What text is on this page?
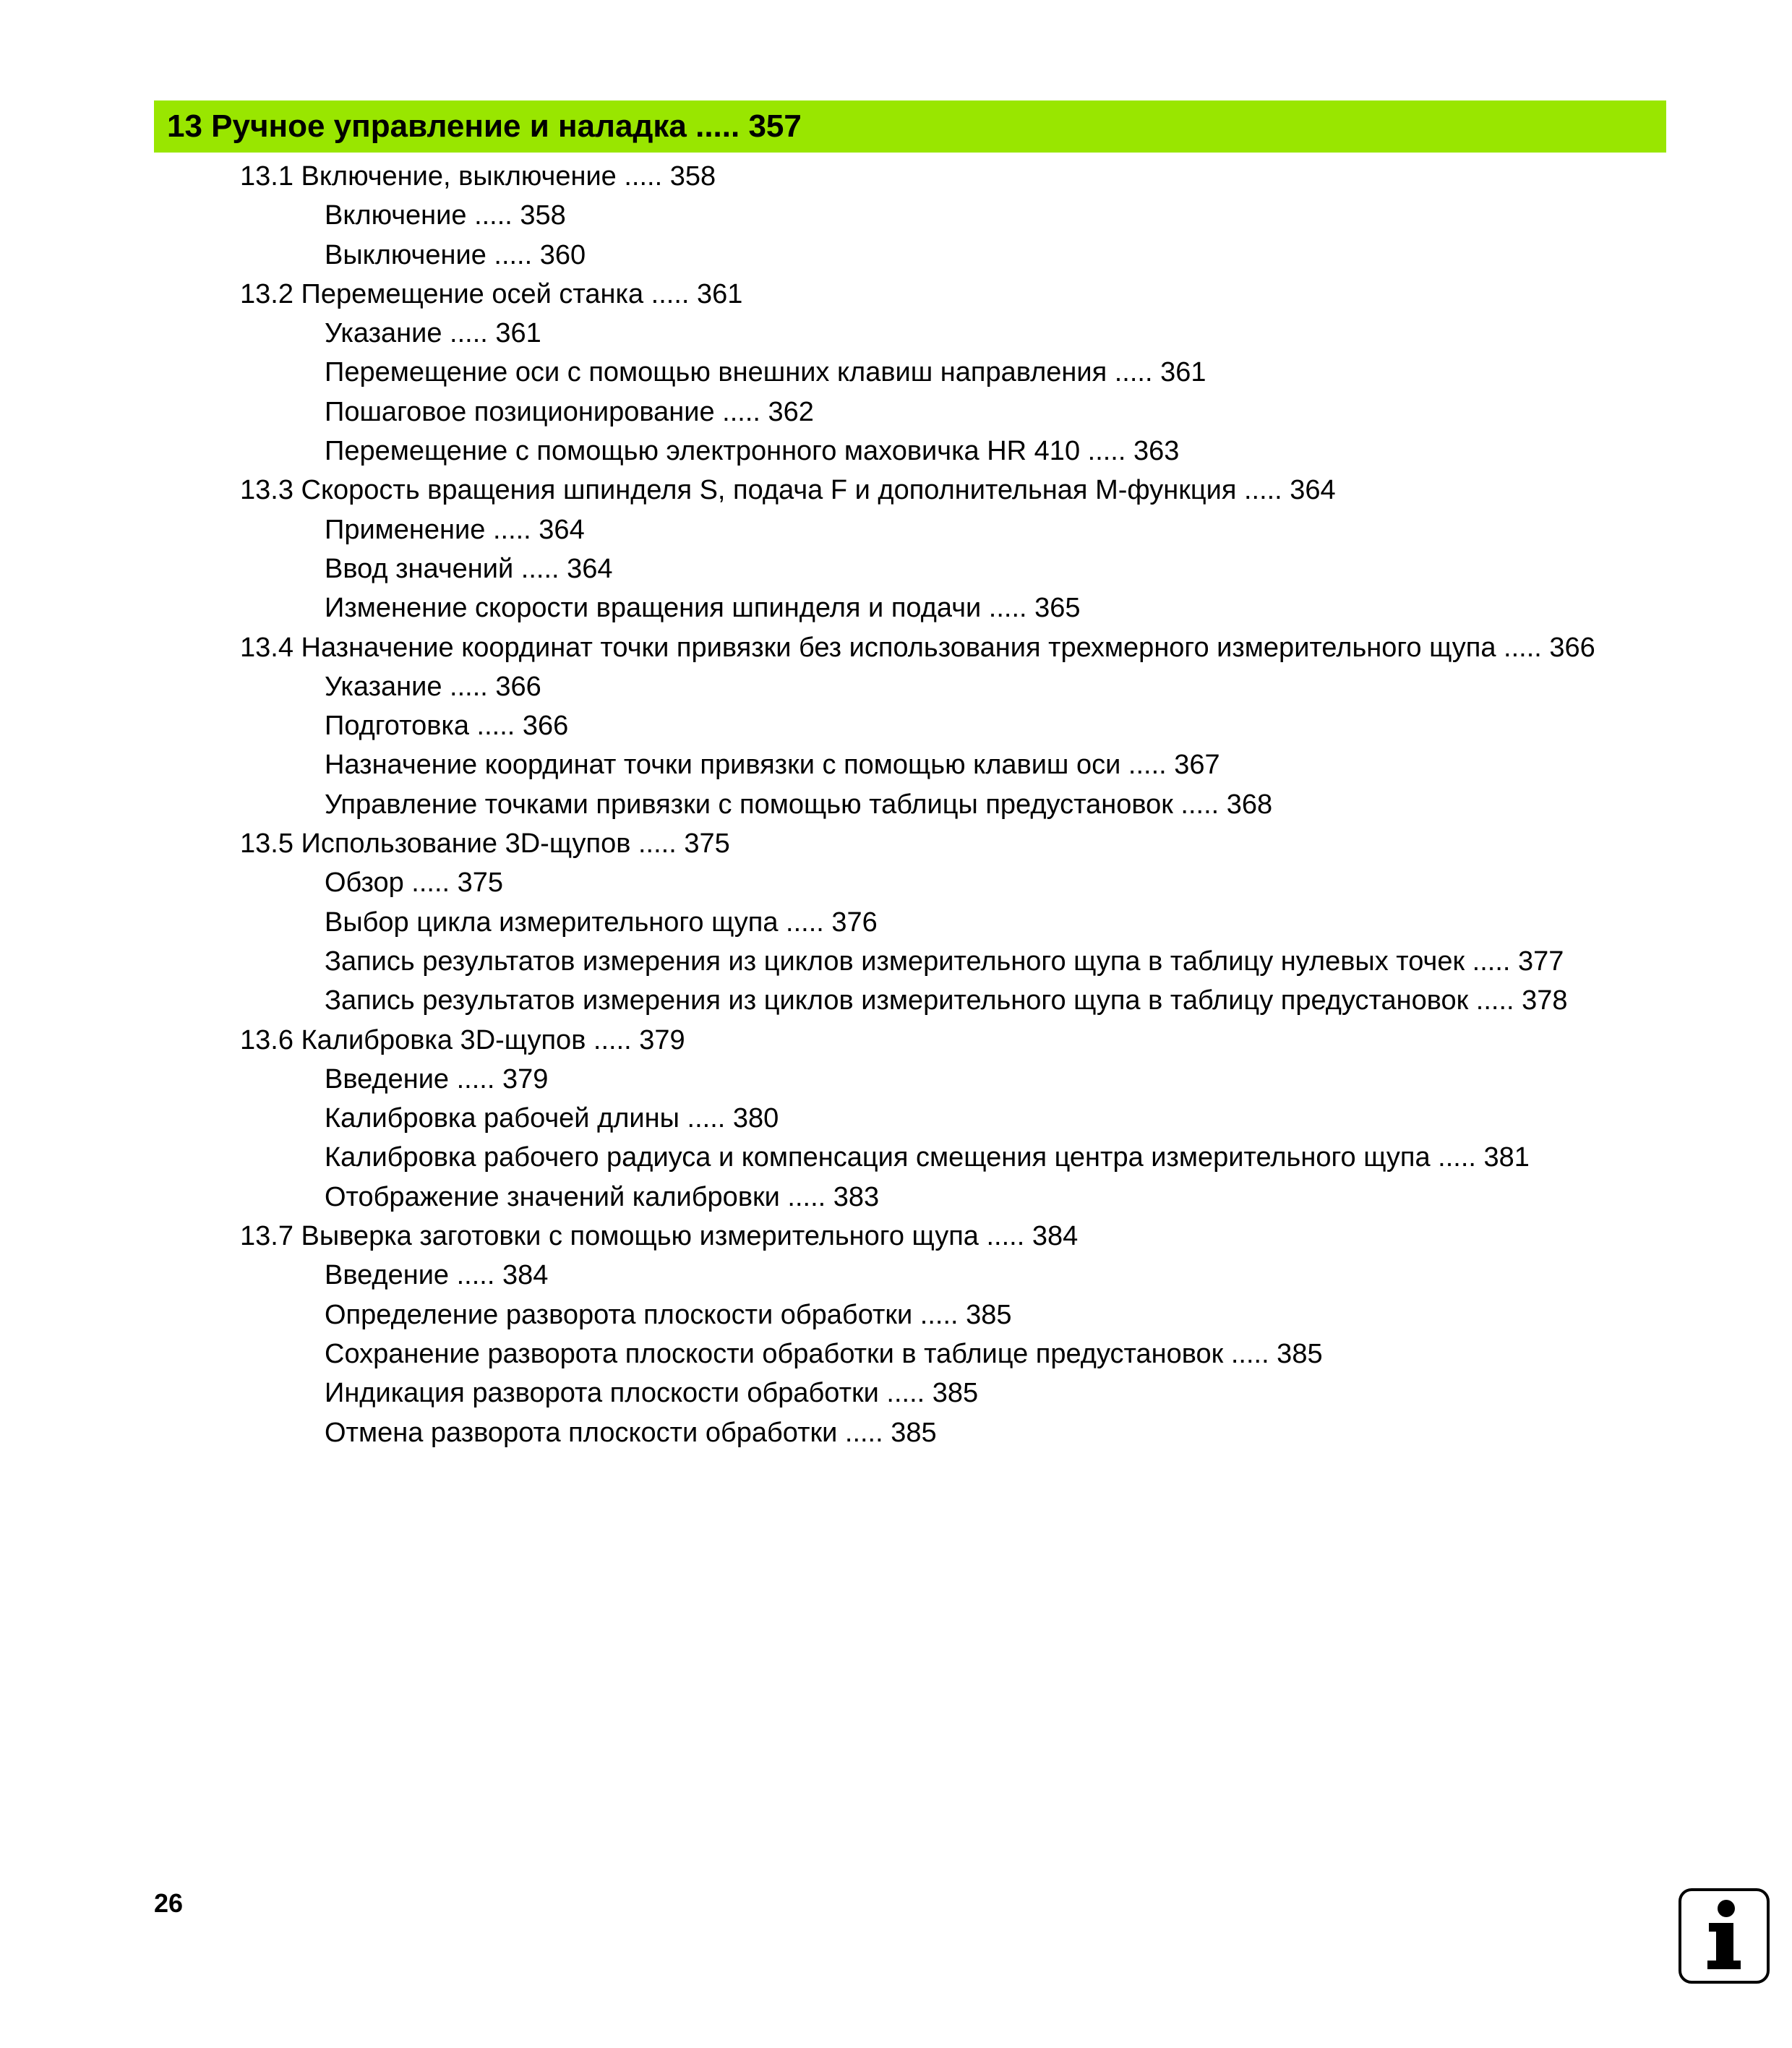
13 Ручное управление и наладка ..... 357
13.1 Включение, выключение ..... 358
Включение ..... 358
Выключение ..... 360
13.2 Перемещение осей станка ..... 361
Указание ..... 361
Перемещение оси с помощью внешних клавиш направления ..... 361
Пошаговое позиционирование ..... 362
Перемещение с помощью электронного маховичка HR 410 ..... 363
13.3 Скорость вращения шпинделя S, подача F и дополнительная M-функция ..... 364
Применение ..... 364
Ввод значений ..... 364
Изменение скорости вращения шпинделя и подачи ..... 365
13.4 Назначение координат точки привязки без использования трехмерного измерительного щупа ..... 366
Указание ..... 366
Подготовка ..... 366
Назначение координат точки привязки с помощью клавиш оси ..... 367
Управление точками привязки с помощью таблицы предустановок ..... 368
13.5 Использование 3D-щупов ..... 375
Обзор ..... 375
Выбор цикла измерительного щупа ..... 376
Запись результатов измерения из циклов измерительного щупа в таблицу нулевых точек ..... 377
Запись результатов измерения из циклов измерительного щупа в таблицу предустановок ..... 378
13.6 Калибровка 3D-щупов ..... 379
Введение ..... 379
Калибровка рабочей длины ..... 380
Калибровка рабочего радиуса и компенсация смещения центра измерительного щупа ..... 381
Отображение значений калибровки ..... 383
13.7 Выверка заготовки с помощью измерительного щупа ..... 384
Введение ..... 384
Определение разворота плоскости обработки ..... 385
Сохранение разворота плоскости обработки в таблице предустановок ..... 385
Индикация разворота плоскости обработки ..... 385
Отмена разворота плоскости обработки ..... 385
26
